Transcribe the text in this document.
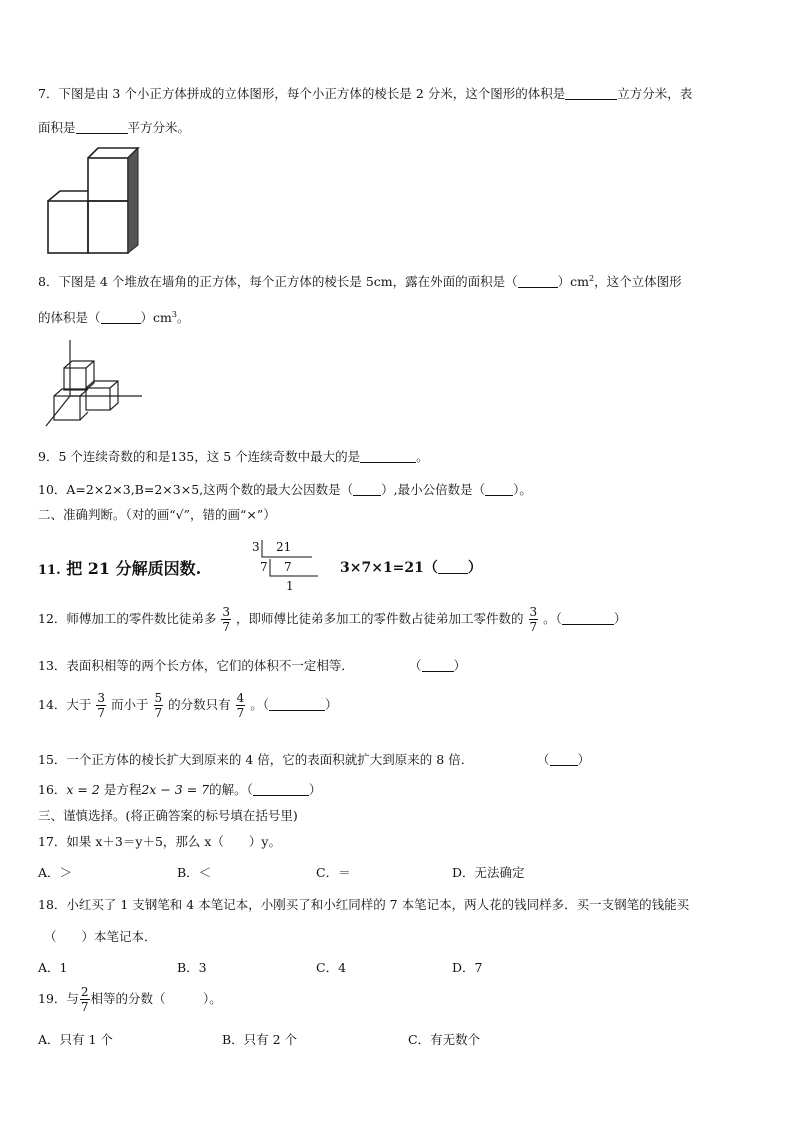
7．下图是由 3 个小正方体拼成的立体图形，每个小正方体的棱长是 2 分米，这个图形的体积是	立方分米，表
面积是	平方分米。
8．下图是 4 个堆放在墙角的正方体，每个正方体的棱长是 5cm，露在外面的面积是（	）$cm^2$，这个立体图形
的体积是（	）$cm^3$。
9．5 个连续奇数的和是135，这 5 个连续奇数中最大的是	。
10．A=2×2×3,B=2×3×5,这两个数的最大公因数是（ ）,最小公倍数是（ ）。
二、准确判断。（对的画“√”，错的画“×”）
11. 把 21 分解质因数.
3 21
7 7
1
3×7×1=21（ ）
12．师傅加工的零件数比徒弟多 $\frac{3}{7}$ ，即师傅比徒弟多加工的零件数占徒弟加工零件数的 $\frac{3}{7}$ 。（	）
13．表面积相等的两个长方体，它们的体积不一定相等．	（	）
14．大于 $\frac{3}{7}$ 而小于 $\frac{5}{7}$ 的分数只有 $\frac{4}{7}$ 。（	）
15．一个正方体的棱长扩大到原来的 4 倍，它的表面积就扩大到原来的 8 倍．	（ ）
16．x = 2 是方程2x − 3 = 7的解。（	）
三、谨慎选择。(将正确答案的标号填在括号里)
17．如果 x＋3＝y＋5，那么 x（　　）y。
A．＞	B．＜	C．＝	D．无法确定
18．小红买了 1 支钢笔和 4 本笔记本，小刚买了和小红同样的 7 本笔记本，两人花的钱同样多．买一支钢笔的钱能买
（　　）本笔记本．
A．1	B．3	C．4	D．7
19．与 $\frac{2}{7}$ 相等的分数（　　　）。
A．只有 1 个	B．只有 2 个	C．有无数个
